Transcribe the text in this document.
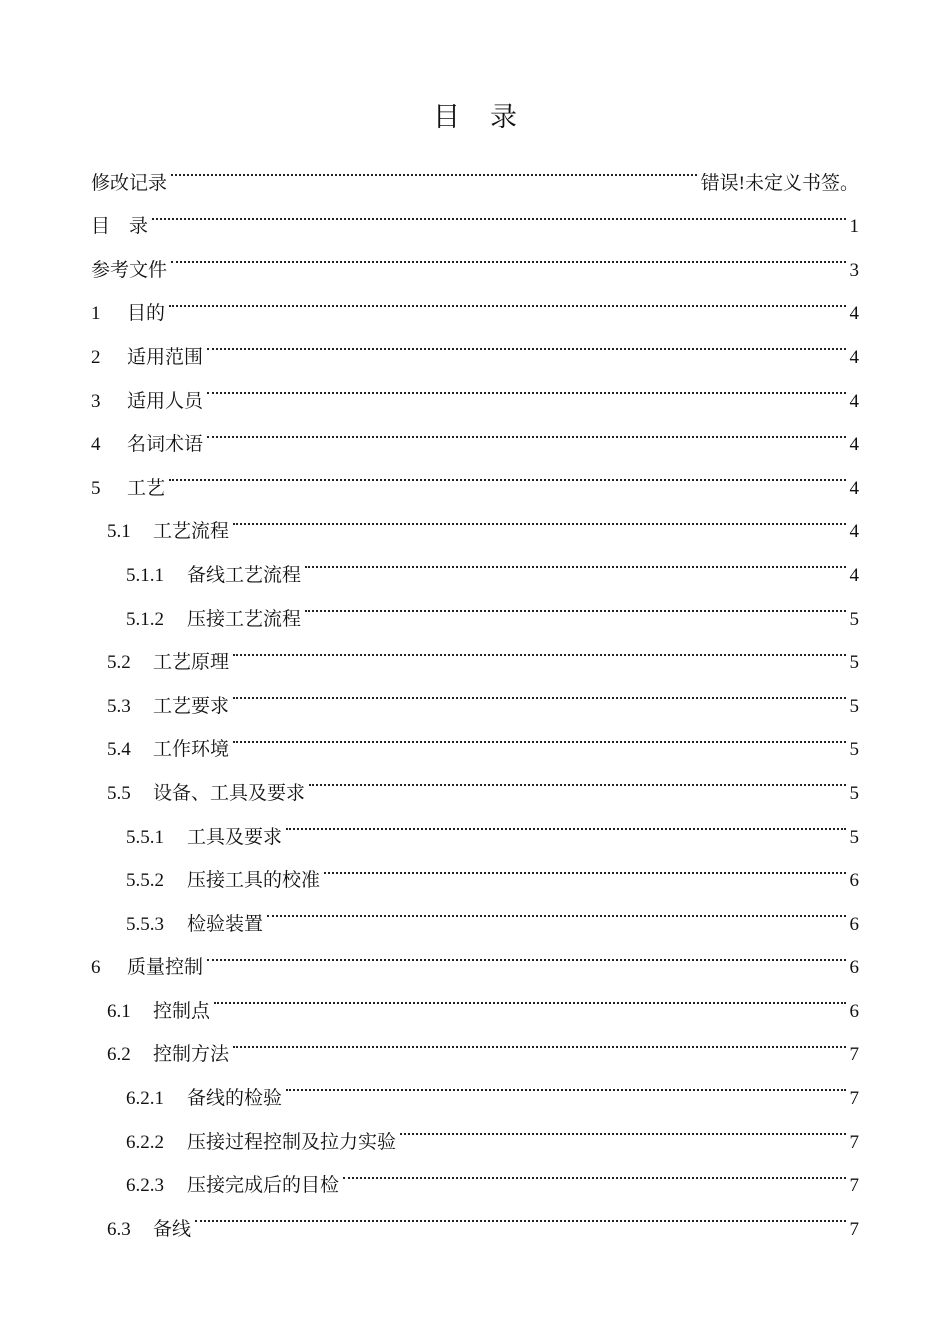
目 录
修改记录	错误!未定义书签。
目　录	1
参考文件	3
1	目的	4
2	适用范围	4
3	适用人员	4
4	名词术语	4
5	工艺	4
5.1	工艺流程	4
5.1.1	备线工艺流程	4
5.1.2	压接工艺流程	5
5.2	工艺原理	5
5.3	工艺要求	5
5.4	工作环境	5
5.5	设备、工具及要求	5
5.5.1	工具及要求	5
5.5.2	压接工具的校准	6
5.5.3	检验装置	6
6	质量控制	6
6.1	控制点	6
6.2	控制方法	7
6.2.1	备线的检验	7
6.2.2	压接过程控制及拉力实验	7
6.2.3	压接完成后的目检	7
6.3	备线	7
